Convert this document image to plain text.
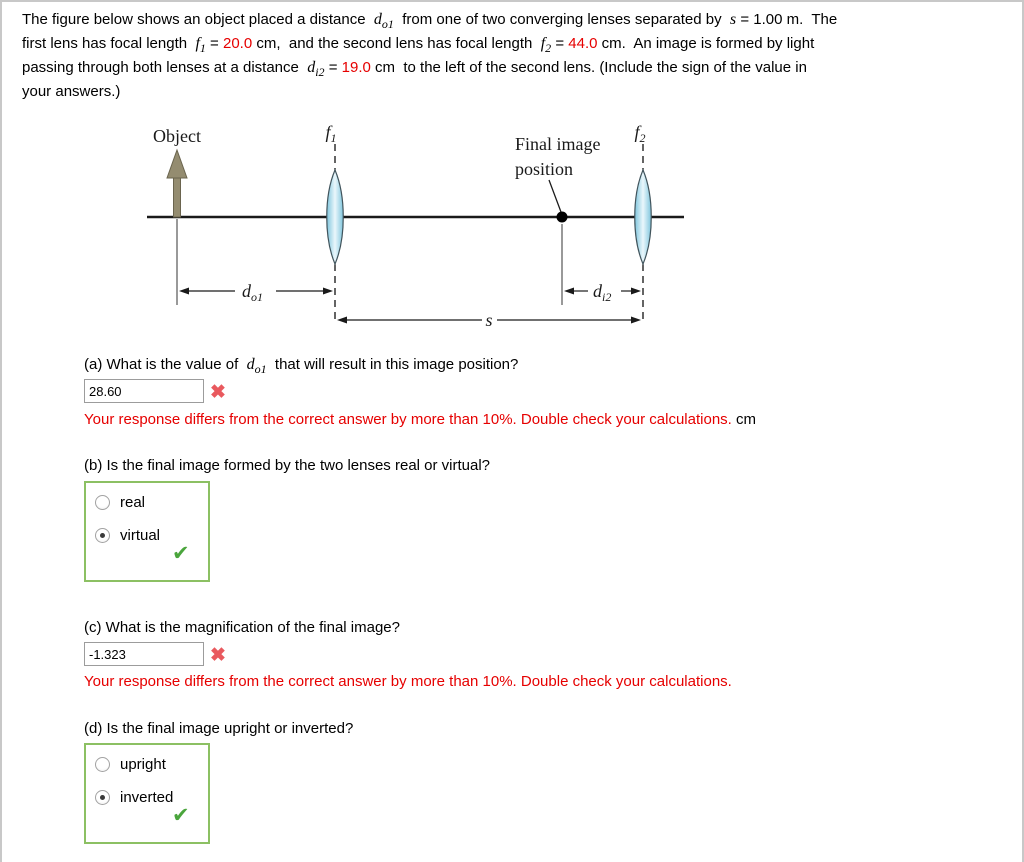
The figure below shows an object placed a distance  $d_{o1}$  from one of two converging lenses separated by  s = 1.00 m.  The
first lens has focal length  $f_1 = 20.0$ cm,  and the second lens has focal length  $f_2 = 44.0$ cm.  An image is formed by light
passing through both lenses at a distance  $d_{i2} = 19.0$ cm  to the left of the second lens. (Include the sign of the value in
your answers.)
Object	$f_1$	Final image
position
$f_2$
$d_{o1}$	$d_{i2}$
s
(a) What is the value of  $d_{o1}$  that will result in this image position?
28.60
✖
Your response differs from the correct answer by more than 10%. Double check your calculations. cm
(b) Is the final image formed by the two lenses real or virtual?
real
virtual
✔
(c) What is the magnification of the final image?
-1.323
✖
Your response differs from the correct answer by more than 10%. Double check your calculations.
(d) Is the final image upright or inverted?
upright
inverted
✔
